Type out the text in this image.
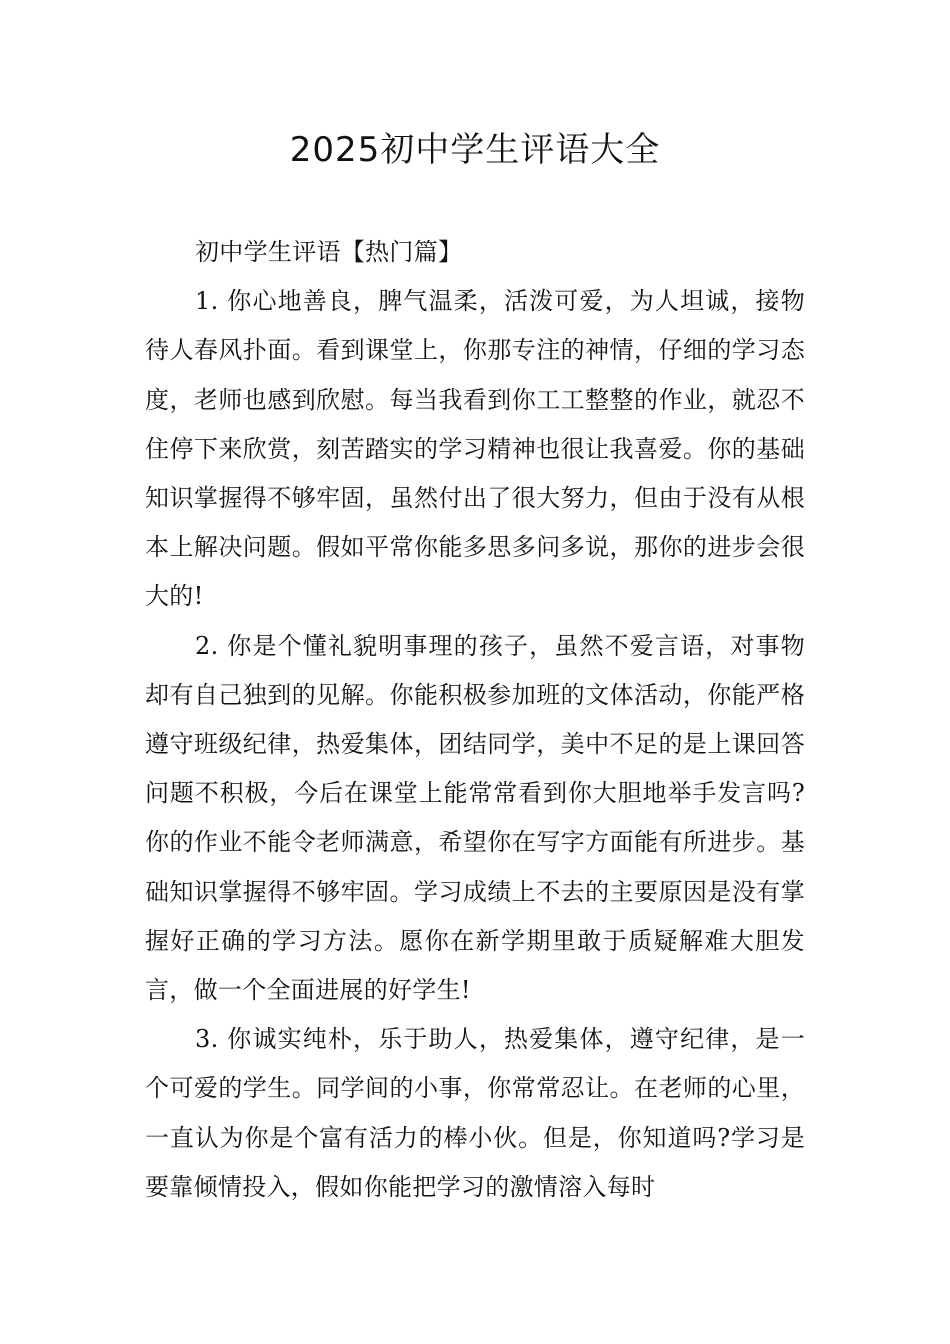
2025初中学生评语大全

初中学生评语【热门篇】

1. 你心地善良，脾气温柔，活泼可爱，为人坦诚，接物待人春风扑面。看到课堂上，你那专注的神情，仔细的学习态度，老师也感到欣慰。每当我看到你工工整整的作业，就忍不住停下来欣赏，刻苦踏实的学习精神也很让我喜爱。你的基础知识掌握得不够牢固，虽然付出了很大努力，但由于没有从根本上解决问题。假如平常你能多思多问多说，那你的进步会很大的!

2. 你是个懂礼貌明事理的孩子，虽然不爱言语，对事物却有自己独到的见解。你能积极参加班的文体活动，你能严格遵守班级纪律，热爱集体，团结同学，美中不足的是上课回答问题不积极，今后在课堂上能常常看到你大胆地举手发言吗?你的作业不能令老师满意，希望你在写字方面能有所进步。基础知识掌握得不够牢固。学习成绩上不去的主要原因是没有掌握好正确的学习方法。愿你在新学期里敢于质疑解难大胆发言，做一个全面进展的好学生!

3. 你诚实纯朴，乐于助人，热爱集体，遵守纪律，是一个可爱的学生。同学间的小事，你常常忍让。在老师的心里，一直认为你是个富有活力的棒小伙。但是，你知道吗?学习是要靠倾情投入，假如你能把学习的激情溶入每时
